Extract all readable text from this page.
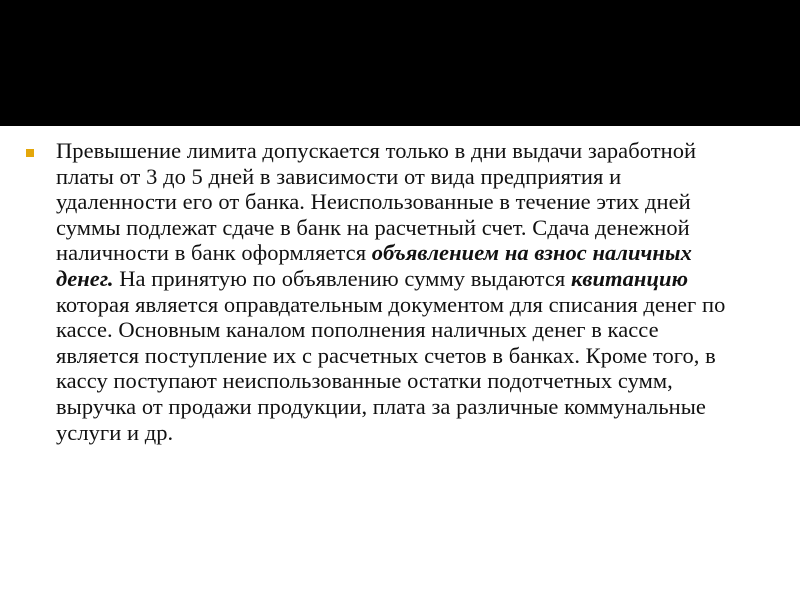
Превышение лимита допускается только в дни выдачи заработной платы от 3 до 5 дней в зависимости от вида предприятия и удаленности его от банка. Неиспользованные в течение этих дней суммы подлежат сдаче в банк на расчетный счет. Сдача денежной наличности в банк оформляется объявлением на взнос наличных денег. На принятую по объявлению сумму выдаются квитанцию которая является оправдательным документом для списания денег по кассе. Основным каналом пополнения наличных денег в кассе является поступление их с расчетных счетов в банках. Кроме того, в кассу поступают неиспользованные остатки подотчетных сумм, выручка от продажи продукции, плата за различные коммунальные услуги и др.
